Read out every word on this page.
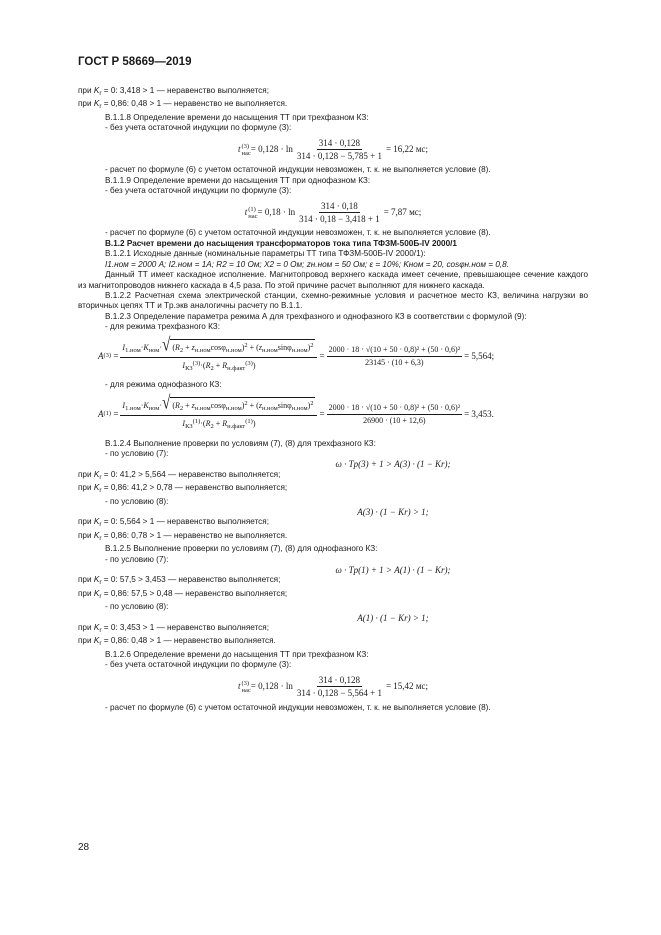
ГОСТ Р 58669—2019

при $K_r = 0$: 3,418 > 1 — неравенство выполняется;

при $K_r = 0,86$: 0,48 > 1 — неравенство не выполняется.

В.1.1.8 Определение времени до насыщения ТТ при трехфазном КЗ:

- без учета остаточной индукции по формуле (3):

t (3)
нас = $0,128 \cdot \ln \frac{314 \cdot 0,128}{314 \cdot 0,128 - 5,785 + 1} = 16,22$
мс;

- расчет по формуле (6) с учетом остаточной индукции невозможен, т. к. не выполняется условие (8).

В.1.1.9 Определение времени до насыщения ТТ при однофазном КЗ:

- без учета остаточной индукции по формуле (3):

t (1)
нас = $0,18 \cdot \ln \frac{314 \cdot 0,18}{314 \cdot 0,18 - 3,418 + 1} = 7,87$
мс;

- расчет по формуле (6) с учетом остаточной индукции невозможен, т. к. не выполняется условие (8).

В.1.2 Расчет времени до насыщения трансформаторов тока типа ТФЗМ-500Б-IV 2000/1

В.1.2.1 Исходные данные (номинальные параметры ТТ типа ТФЗМ-500Б-IV 2000/1):

I1.ном = 2000 А; I2.ном = 1А; R2 = 10 Ом; X2 = 0 Ом; zн.ном = 50 Ом; ε = 10%; Kном = 20, cosφн.ном = 0,8.

Данный ТТ имеет каскадное исполнение. Магнитопровод верхнего каскада имеет сечение, превышающее сечение каждого из магнитопроводов нижнего каскада в 4,5 раза. По этой причине расчет выполняют для нижнего каскада.

В.1.2.2 Расчетная схема электрической станции, схемно-режимные условия и расчетное место КЗ, величина нагрузки во вторичных цепях ТТ и Tр.экв аналогичны расчету по В.1.1.

В.1.2.3 Определение параметра режима А для трехфазного и однофазного КЗ в соответствии с формулой (9):

- для режима трехфазного КЗ:

A $(3) = \frac{I_{1.ном}\cdot K_{ном}\cdot √ (R_2 + z_{н.ном}\cos\varphi_{н.ном})^2 + (z_{н.ном}\sin\varphi_{н.ном})^2}{I_{КЗ}^{(3)}\cdot(R_2 + R_{н.факт}^{(3)})} = \frac{\text{2000 · 18 · √(10 + 50 · 0,8)² + (50 · 0,6)²}}{23145 \cdot (10 + 6,3)} = 5,564$;

- для режима однофазного КЗ:

A $(1) = \frac{I_{1.ном}\cdot K_{ном}\cdot √ (R_2 + z_{н.ном}\cos\varphi_{н.ном})^2 + (z_{н.ном}\sin\varphi_{н.ном})^2}{I_{КЗ}^{(1)}\cdot(R_2 + R_{н.факт}^{(1)})} = \frac{\text{2000 · 18 · √(10 + 50 · 0,8)² + (50 · 0,6)²}}{26900 \cdot (10 + 12,6)} = 3,453$.

В.1.2.4 Выполнение проверки по условиям (7), (8) для трехфазного КЗ:

- по условию (7):

ω · Tр(3) + 1 > A(3) · (1 − Kr);

при $K_r = 0$: 41,2 > 5,564 — неравенство выполняется;

при $K_r = 0,86$: 41,2 > 0,78 — неравенство выполняется;

- по условию (8):

A(3) · (1 − Kr) > 1;

при $K_r = 0$: 5,564 > 1 — неравенство выполняется;

при $K_r = 0,86$: 0,78 > 1 — неравенство не выполняется.

В.1.2.5 Выполнение проверки по условиям (7), (8) для однофазного КЗ:

- по условию (7):

ω · Tр(1) + 1 > A(1) · (1 − Kr);

при $K_r = 0$: 57,5 > 3,453 — неравенство выполняется;

при $K_r = 0,86$: 57,5 > 0,48 — неравенство выполняется;

- по условию (8):

A(1) · (1 − Kr) > 1;

при $K_r = 0$: 3,453 > 1 — неравенство выполняется;

при $K_r = 0,86$: 0,48 > 1 — неравенство выполняется.

В.1.2.6 Определение времени до насыщения ТТ при трехфазном КЗ:

- без учета остаточной индукции по формуле (3):

t (3)
нас = $0,128 \cdot \ln \frac{314 \cdot 0,128}{314 \cdot 0,128 - 5,564 + 1} = 15,42$
мс;

- расчет по формуле (6) с учетом остаточной индукции невозможен, т. к. не выполняется условие (8).

28
